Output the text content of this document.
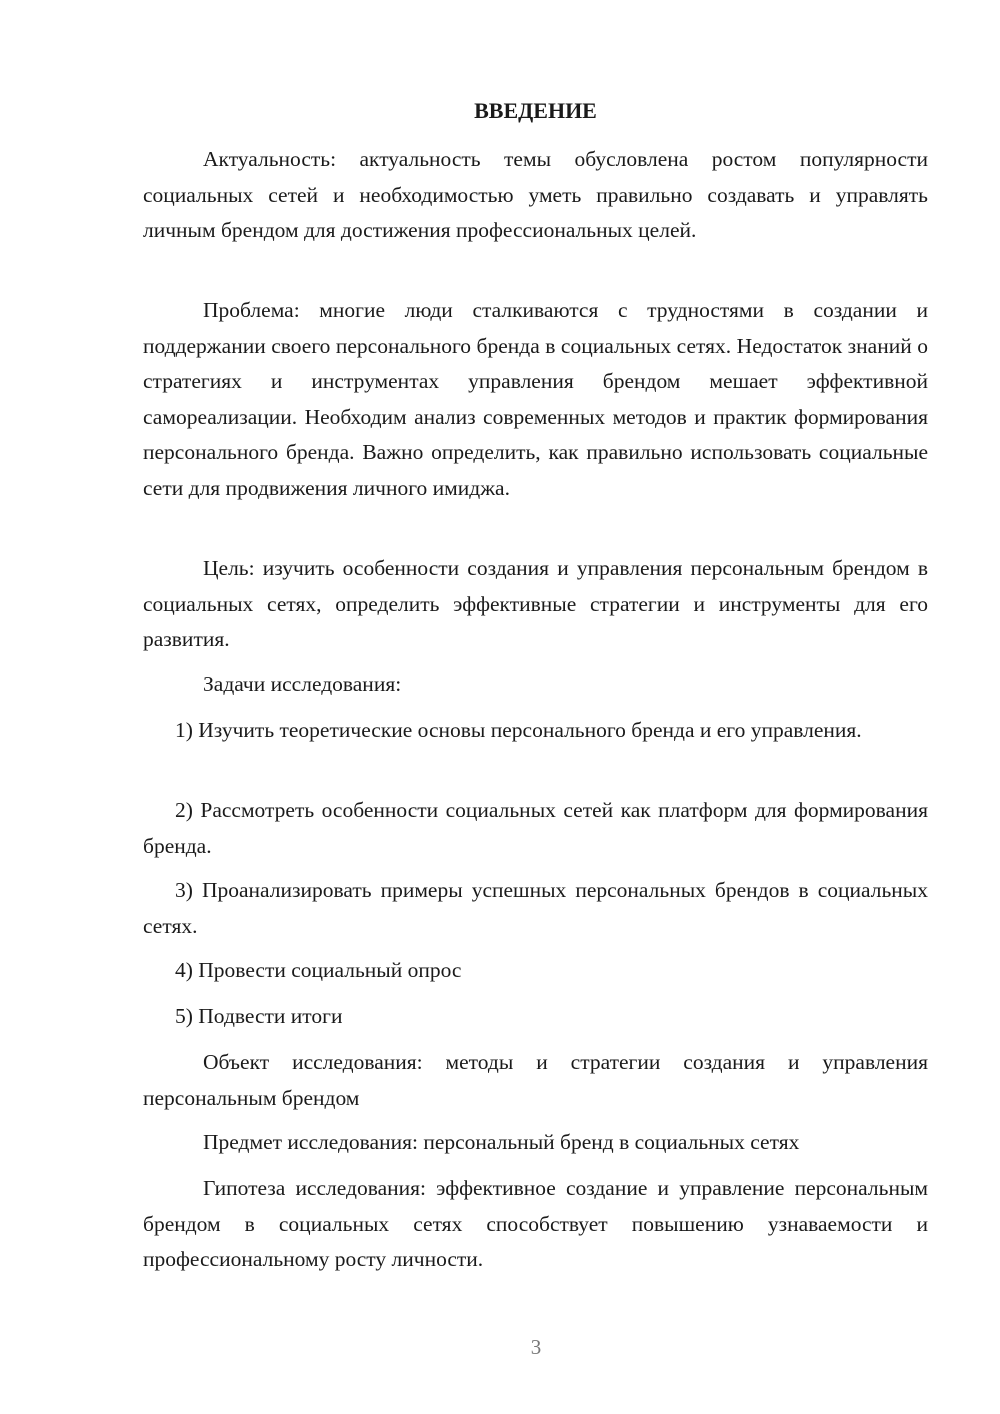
ВВЕДЕНИЕ

Актуальность: актуальность темы обусловлена ростом популярности социальных сетей и необходимостью уметь правильно создавать и управлять личным брендом для достижения профессиональных целей.

Проблема: многие люди сталкиваются с трудностями в создании и поддержании своего персонального бренда в социальных сетях. Недостаток знаний о стратегиях и инструментах управления брендом мешает эффективной самореализации. Необходим анализ современных методов и практик формирования персонального бренда. Важно определить, как правильно использовать социальные сети для продвижения личного имиджа.

Цель: изучить особенности создания и управления персональным брендом в социальных сетях, определить эффективные стратегии и инструменты для его развития.

Задачи исследования:

1) Изучить теоретические основы персонального бренда и его управления.

2) Рассмотреть особенности социальных сетей как платформ для формирования бренда.

3) Проанализировать примеры успешных персональных брендов в социальных сетях.

4) Провести социальный опрос

5) Подвести итоги

Объект исследования: методы и стратегии создания и управления персональным брендом

Предмет исследования: персональный бренд в социальных сетях

Гипотеза исследования: эффективное создание и управление персональным брендом в социальных сетях способствует повышению узнаваемости и профессиональному росту личности.

3
